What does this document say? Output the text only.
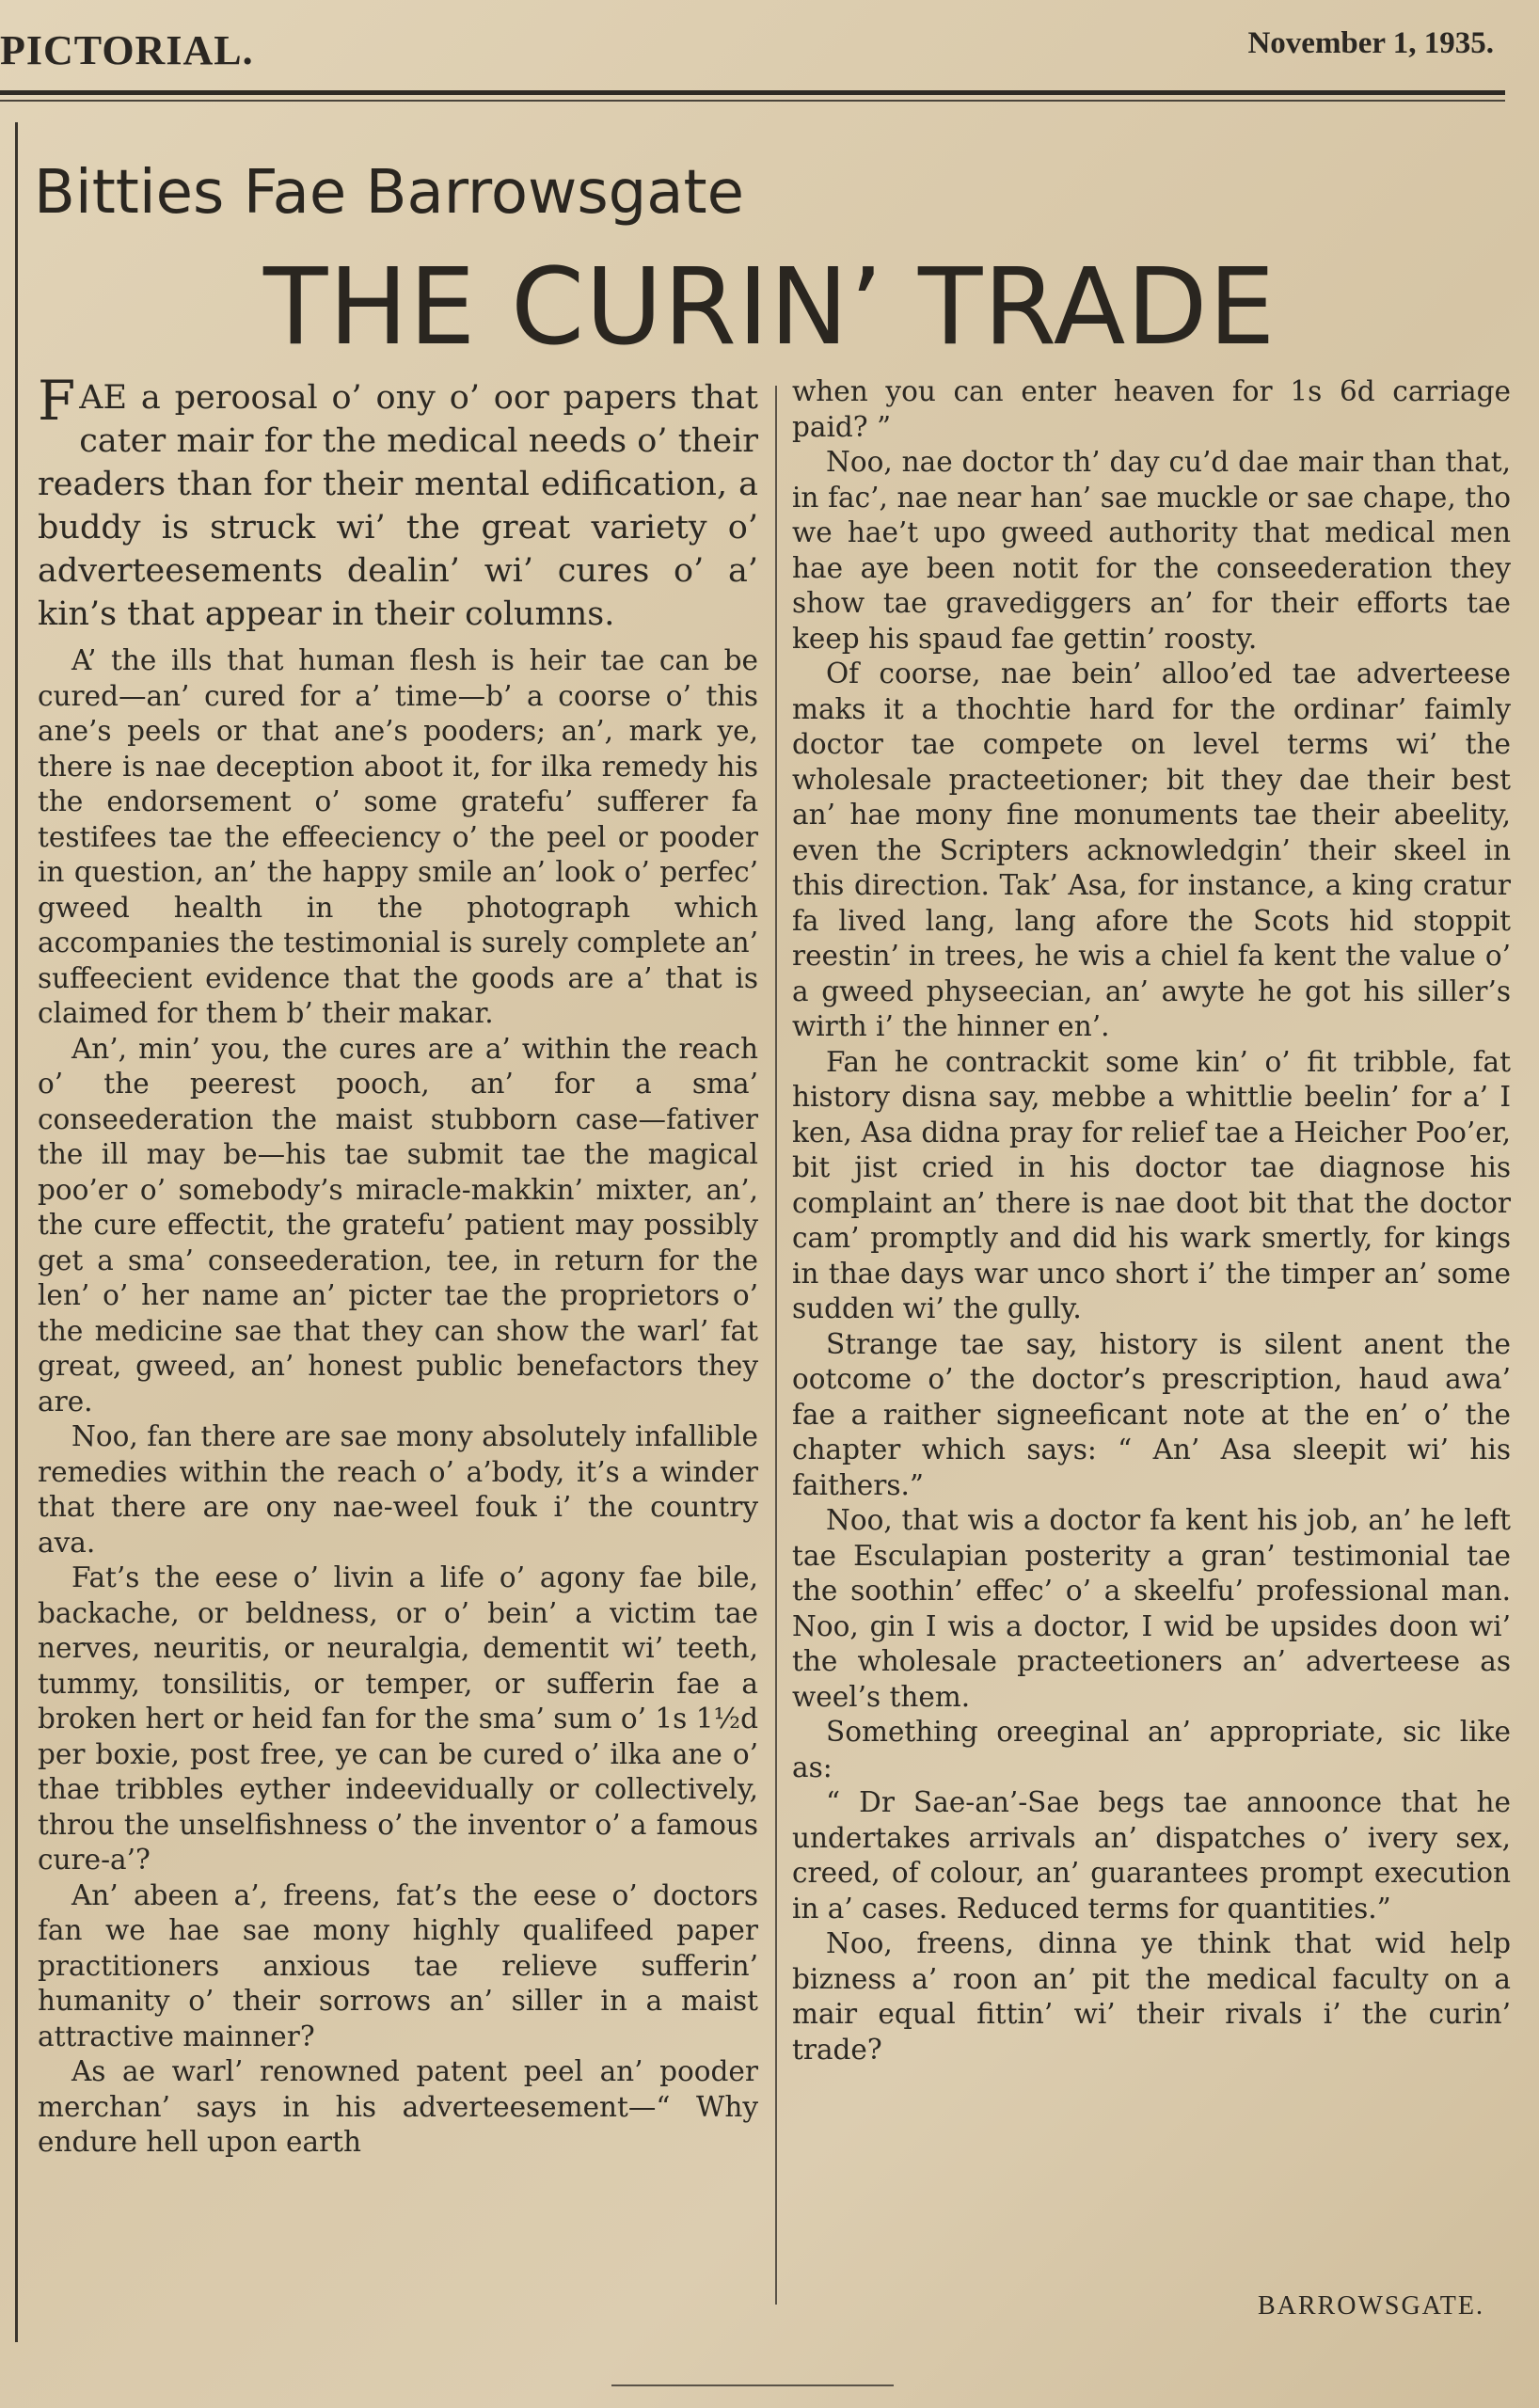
PICTORIAL.	November 1, 1935.
Bitties Fae Barrowsgate
THE CURIN’ TRADE

FAE a peroosal o’ ony o’ oor papers that cater mair for the medical needs o’ their readers than for their mental edification, a buddy is struck wi’ the great variety o’ adverteesements dealin’ wi’ cures o’ a’ kin’s that appear in their columns.

A’ the ills that human flesh is heir tae can be cured—an’ cured for a’ time—b’ a coorse o’ this ane’s peels or that ane’s pooders; an’, mark ye, there is nae deception aboot it, for ilka remedy his the endorsement o’ some gratefu’ sufferer fa testifees tae the effeeciency o’ the peel or pooder in question, an’ the happy smile an’ look o’ perfec’ gweed health in the photograph which accompanies the testimonial is surely complete an’ suffeecient evidence that the goods are a’ that is claimed for them b’ their makar.

An’, min’ you, the cures are a’ within the reach o’ the peerest pooch, an’ for a sma’ conseederation the maist stubborn case—fativer the ill may be—his tae submit tae the magical poo’er o’ somebody’s miracle-makkin’ mixter, an’, the cure effectit, the gratefu’ patient may possibly get a sma’ conseederation, tee, in return for the len’ o’ her name an’ picter tae the proprietors o’ the medicine sae that they can show the warl’ fat great, gweed, an’ honest public benefactors they are.

Noo, fan there are sae mony absolutely infallible remedies within the reach o’ a’body, it’s a winder that there are ony nae-weel fouk i’ the country ava.

Fat’s the eese o’ livin a life o’ agony fae bile, backache, or beldness, or o’ bein’ a victim tae nerves, neuritis, or neuralgia, dementit wi’ teeth, tummy, tonsilitis, or temper, or sufferin fae a broken hert or heid fan for the sma’ sum o’ 1s 1½d per boxie, post free, ye can be cured o’ ilka ane o’ thae tribbles eyther indeevidually or collectively, throu the unselfishness o’ the inventor o’ a famous cure-a’?

An’ abeen a’, freens, fat’s the eese o’ doctors fan we hae sae mony highly qualifeed paper practitioners anxious tae relieve sufferin’ humanity o’ their sorrows an’ siller in a maist attractive mainner?

As ae warl’ renowned patent peel an’ pooder merchan’ says in his adverteesement—“ Why endure hell upon earth

when you can enter heaven for 1s 6d carriage paid? ”

Noo, nae doctor th’ day cu’d dae mair than that, in fac’, nae near han’ sae muckle or sae chape, tho we hae’t upo gweed authority that medical men hae aye been notit for the conseederation they show tae gravediggers an’ for their efforts tae keep his spaud fae gettin’ roosty.

Of coorse, nae bein’ alloo’ed tae adverteese maks it a thochtie hard for the ordinar’ faimly doctor tae compete on level terms wi’ the wholesale practeetioner; bit they dae their best an’ hae mony fine monuments tae their abeelity, even the Scripters acknowledgin’ their skeel in this direction. Tak’ Asa, for instance, a king cratur fa lived lang, lang afore the Scots hid stoppit reestin’ in trees, he wis a chiel fa kent the value o’ a gweed physeecian, an’ awyte he got his siller’s wirth i’ the hinner en’.

Fan he contrackit some kin’ o’ fit tribble, fat history disna say, mebbe a whittlie beelin’ for a’ I ken, Asa didna pray for relief tae a Heicher Poo’er, bit jist cried in his doctor tae diagnose his complaint an’ there is nae doot bit that the doctor cam’ promptly and did his wark smertly, for kings in thae days war unco short i’ the timper an’ some sudden wi’ the gully.

Strange tae say, history is silent anent the ootcome o’ the doctor’s prescription, haud awa’ fae a raither signeeficant note at the en’ o’ the chapter which says: “ An’ Asa sleepit wi’ his faithers.”

Noo, that wis a doctor fa kent his job, an’ he left tae Esculapian posterity a gran’ testimonial tae the soothin’ effec’ o’ a skeelfu’ professional man. Noo, gin I wis a doctor, I wid be upsides doon wi’ the wholesale practeetioners an’ adverteese as weel’s them.

Something oreeginal an’ appropriate, sic like as:

“ Dr Sae-an’-Sae begs tae annoonce that he undertakes arrivals an’ dispatches o’ ivery sex, creed, of colour, an’ guarantees prompt execution in a’ cases. Reduced terms for quantities.”

Noo, freens, dinna ye think that wid help bizness a’ roon an’ pit the medical faculty on a mair equal fittin’ wi’ their rivals i’ the curin’ trade?

BARROWSGATE.
